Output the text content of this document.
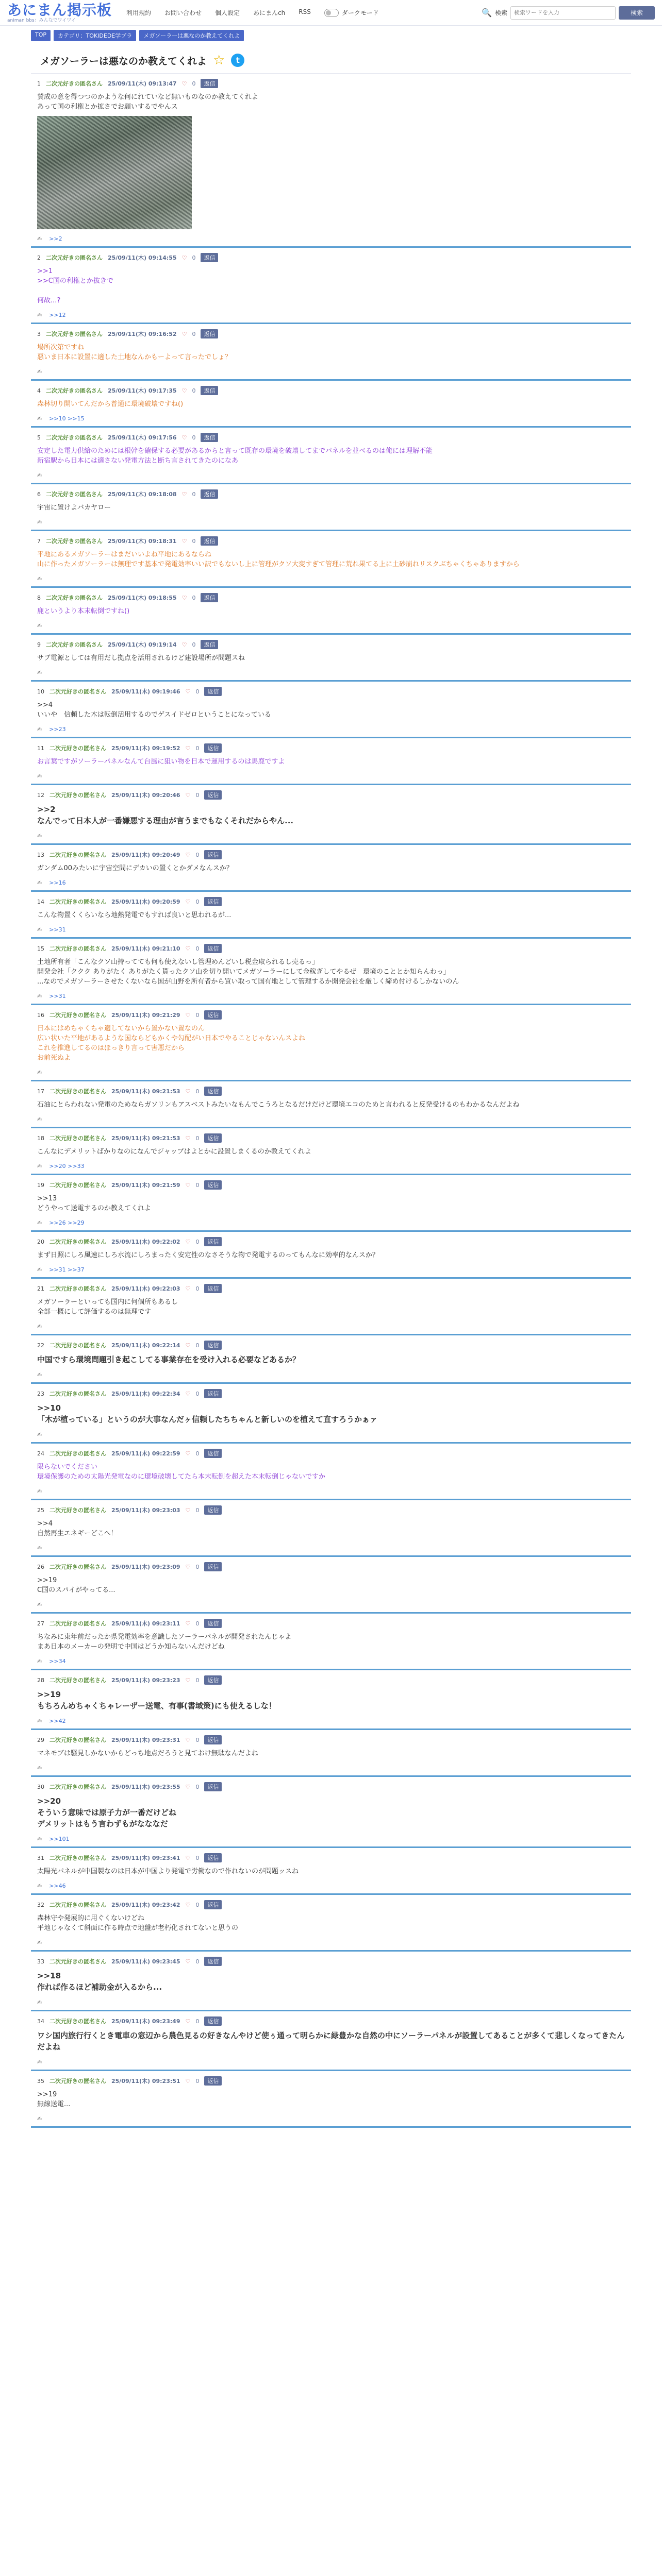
あにまん掲示板
animan bbs：みんなでワイワイ
利用規約 お問い合わせ 個人設定 あにまんch RSS	ダークモード	🔍 検索
検索ワードを入力	検索
TOP	カテゴリ：TOKIDEDE学ブラ	メガソーラーは悪なのか教えてくれよ
メガソーラーは悪なのか教えてくれよ ☆	t
1 二次元好きの匿名さん 25/09/11(木) 09:13:47 ♡ 0	返信
賛成の意を得つつのかような何にれていなど無いものなのか教えてくれよ
あって国の利権とか拡さでお願いするでやんス
✍ >>2
2 二次元好きの匿名さん 25/09/11(木) 09:14:55 ♡ 0	返信
>>1
>>C国の利権とか抜きで

何故...?
✍ >>12
3 二次元好きの匿名さん 25/09/11(木) 09:16:52 ♡ 0	返信
場所次第ですね
悪いま日本に設置に適した土地なんかもーよって言ったでしょ？
✍
4 二次元好きの匿名さん 25/09/11(木) 09:17:35 ♡ 0	返信
森林切り開いてんだから普通に環境破壊ですね()
✍ >>10 >>15
5 二次元好きの匿名さん 25/09/11(木) 09:17:56 ♡ 0	返信
安定した電力供給のためには根幹を確保する必要があるからと言って既存の環境を破壊してまでパネルを並べるのは俺には理解不能
新宿駅から日本には適さない発電方法と断ち言されてきたのになあ
✍
6 二次元好きの匿名さん 25/09/11(木) 09:18:08 ♡ 0	返信
宇宙に置けよバカヤロー
✍
7 二次元好きの匿名さん 25/09/11(木) 09:18:31 ♡ 0	返信
平地にあるメガソーラーはまだいいよね平地にあるならね
山に作ったメガソーラーは無理です基本で発電効率いい訳でもないし上に管理がクソ大変すぎて管理に荒れ果てる上に土砂崩れリスクぶちゃくちゃありますから
✍
8 二次元好きの匿名さん 25/09/11(木) 09:18:55 ♡ 0	返信
鹿というより本末転倒ですね()
✍
9 二次元好きの匿名さん 25/09/11(木) 09:19:14 ♡ 0	返信
サブ電源としては有用だし拠点を活用されるけど建設場所が問題スね
✍
10 二次元好きの匿名さん 25/09/11(木) 09:19:46 ♡ 0	返信
>>4
いいや　信頼した木は転倒活用するのでゲスイドゼロということになっている
✍ >>23
11 二次元好きの匿名さん 25/09/11(木) 09:19:52 ♡ 0	返信
お言葉ですがソーラーパネルなんて台風に狙い物を日本で運用するのは馬鹿ですよ
✍
12 二次元好きの匿名さん 25/09/11(木) 09:20:46 ♡ 0	返信
>>2
なんでって日本人が一番嫌悪する理由が言うまでもなくそれだからやん...
✍
13 二次元好きの匿名さん 25/09/11(木) 09:20:49 ♡ 0	返信
ガンダム00みたいに宇宙空間にデカいの置くとかダメなんスか？
✍ >>16
14 二次元好きの匿名さん 25/09/11(木) 09:20:59 ♡ 0	返信
こんな物置くくらいなら地熱発電でもすれば良いと思われるが...
✍ >>31
15 二次元好きの匿名さん 25/09/11(木) 09:21:10 ♡ 0	返信
土地所有者「こんなクソ山持ってても何も使えないし管理めんどいし税金取られるし売るっ」
開発会社「ククク ありがたく ありがたく貰ったクソ山を切り開いてメガソーラーにして金稼ぎしてやるぜ　環境のこととか知らんわっ」
...なのでメガソーラーさせたくないなら国が山野を所有者から買い取って国有地として管理するか開発会社を厳しく締め付けるしかないのん
✍ >>31
16 二次元好きの匿名さん 25/09/11(木) 09:21:29 ♡ 0	返信
日本にはめちゃくちゃ適してないから置かない置なのん
広い状いた平地があるような国ならどもかくや勾配がい日本でやることじゃないんスよね
これを推進してるのはほっきり言って害悪だから
お前死ぬよ
✍
17 二次元好きの匿名さん 25/09/11(木) 09:21:53 ♡ 0	返信
石油にとらわれない発電のためならガソリンもアスベストみたいなもんでこうろとなるだけだけど環境エコのためと言われると反発受けるのもわかるなんだよね
✍
18 二次元好きの匿名さん 25/09/11(木) 09:21:53 ♡ 0	返信
こんなにデメリットばかりなのになんでジャップはよとかに設置しまくるのか教えてくれよ
✍ >>20 >>33
19 二次元好きの匿名さん 25/09/11(木) 09:21:59 ♡ 0	返信
>>13
どうやって送電するのか教えてくれよ
✍ >>26 >>29
20 二次元好きの匿名さん 25/09/11(木) 09:22:02 ♡ 0	返信
まず日照にしろ風速にしろ水流にしろまったく安定性のなさそうな物で発電するのってもんなに効率的なんスか？
✍ >>31 >>37
21 二次元好きの匿名さん 25/09/11(木) 09:22:03 ♡ 0	返信
メガソーラーといっても国内に何個所もあるし
全部一概にして評価するのは無理です
✍
22 二次元好きの匿名さん 25/09/11(木) 09:22:14 ♡ 0	返信
中国ですら環境問題引き起こしてる事業存在を受け入れる必要などあるか？
✍
23 二次元好きの匿名さん 25/09/11(木) 09:22:34 ♡ 0	返信
>>10
「木が植っている」というのが大事なんだヶ信頼したちちゃんと新しいのを植えて直すろうかぁァ
✍
24 二次元好きの匿名さん 25/09/11(木) 09:22:59 ♡ 0	返信
限らないでください
環境保護のための太陽光発電なのに環境破壊してたら本末転倒を超えた本末転倒じゃないですか
✍
25 二次元好きの匿名さん 25/09/11(木) 09:23:03 ♡ 0	返信
>>4
自然再生エネギーどこへ！
✍
26 二次元好きの匿名さん 25/09/11(木) 09:23:09 ♡ 0	返信
>>19
C国のスパイがやってる...
✍
27 二次元好きの匿名さん 25/09/11(木) 09:23:11 ♡ 0	返信
ちなみに東年前だったか県発電効率を意識したソーラーパネルが開発されたんじゃよ
まあ日本のメーカーの発明で中国はどうか知らないんだけどね
✍ >>34
28 二次元好きの匿名さん 25/09/11(木) 09:23:23 ♡ 0	返信
>>19
もちろんめちゃくちゃレーザー送電、有事(書域策)にも使えるしな！
✍ >>42
29 二次元好きの匿名さん 25/09/11(木) 09:23:31 ♡ 0	返信
マネモブは騒見しかないからどっち地点だろうと見ておけ無駄なんだよね
✍
30 二次元好きの匿名さん 25/09/11(木) 09:23:55 ♡ 0	返信
>>20
そういう意味では原子力が一番だけどね
デメリットはもう言わずもがなななだ
✍ >>101
31 二次元好きの匿名さん 25/09/11(木) 09:23:41 ♡ 0	返信
太陽光パネルが中国製なのは日本が中国より発電で労働なので作れないのが問題ッスね
✍ >>46
32 二次元好きの匿名さん 25/09/11(木) 09:23:42 ♡ 0	返信
森林守や発展的に用ぐくないけどね
平地じゃなくて斜面に作る時点で地盤が老朽化されてないと思うの
✍
33 二次元好きの匿名さん 25/09/11(木) 09:23:45 ♡ 0	返信
>>18
作れば作るほど補助金が入るから...
✍
34 二次元好きの匿名さん 25/09/11(木) 09:23:49 ♡ 0	返信
ワシ国内旅行行くとき電車の窓辺から農色見るの好きなんやけど使ぅ通って明らかに緑豊かな自然の中にソーラーパネルが設置してあることが多くて悲しくなってきたんだよね
✍
35 二次元好きの匿名さん 25/09/11(木) 09:23:51 ♡ 0	返信
>>19
無線送電...
✍
